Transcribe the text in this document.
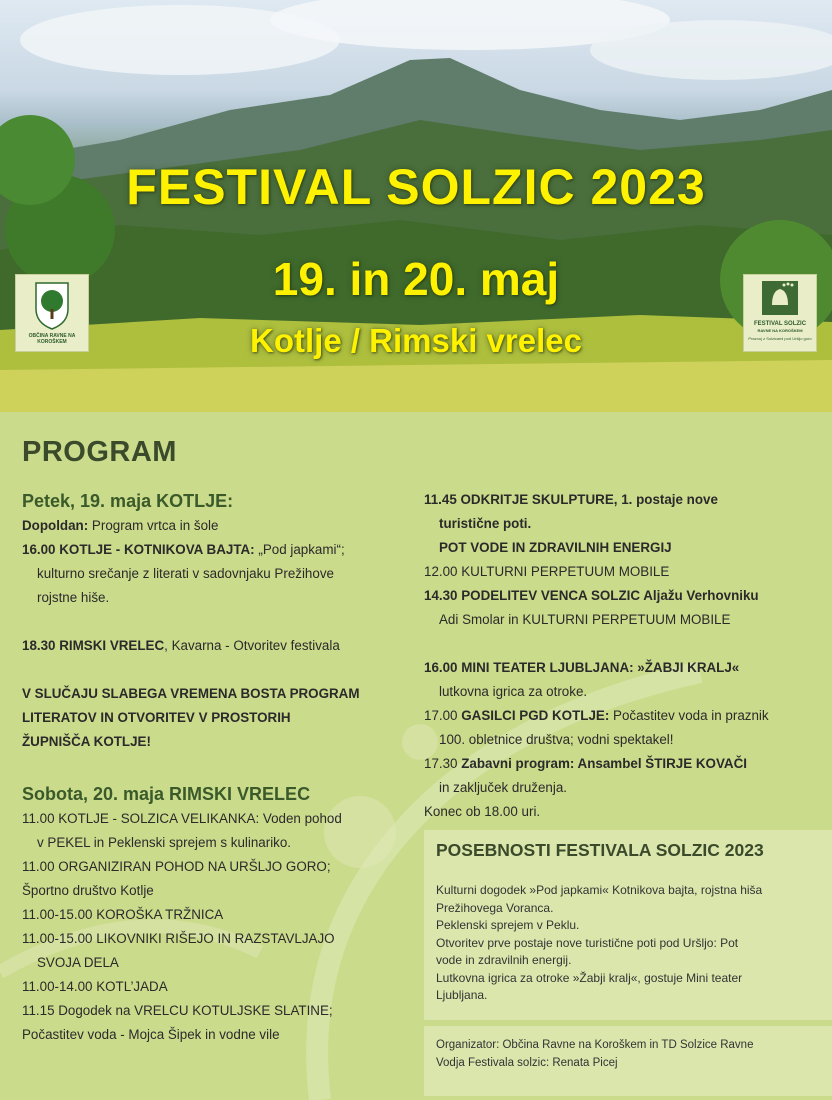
FESTIVAL SOLZIC 2023
19. in 20. maj
Kotlje / Rimski vrelec
OBČINA RAVNE NA KOROŠKEM
FESTIVAL SOLZIC
RAVNE NA KOROŠKEM
Praznuj z Solzicami pod Uršljo goro
PROGRAM
Petek, 19. maja KOTLJE:
Dopoldan: Program vrtca in šole
16.00 KOTLJE - KOTNIKOVA BAJTA: „Pod japkami“;
kulturno srečanje z literati v sadovnjaku Prežihove
rojstne hiše.
18.30 RIMSKI VRELEC, Kavarna - Otvoritev festivala
V SLUČAJU SLABEGA VREMENA BOSTA PROGRAM
LITERATOV IN OTVORITEV V PROSTORIH
ŽUPNIŠČA KOTLJE!
Sobota, 20. maja RIMSKI VRELEC
11.00 KOTLJE - SOLZICA VELIKANKA: Voden pohod
v PEKEL in Peklenski sprejem s kulinariko.
11.00 ORGANIZIRAN POHOD NA URŠLJO GORO;
Športno društvo Kotlje
11.00-15.00 KOROŠKA TRŽNICA
11.00-15.00 LIKOVNIKI RIŠEJO IN RAZSTAVLJAJO
SVOJA DELA
11.00-14.00 KOTL’JADA
11.15 Dogodek na VRELCU KOTULJSKE SLATINE;
Počastitev voda - Mojca Šipek in vodne vile
11.45 ODKRITJE SKULPTURE, 1. postaje nove
turistične poti.
POT VODE IN ZDRAVILNIH ENERGIJ
12.00 KULTURNI PERPETUUM MOBILE
14.30 PODELITEV VENCA SOLZIC Aljažu Verhovniku
Adi Smolar in KULTURNI PERPETUUM MOBILE
16.00 MINI TEATER LJUBLJANA: »ŽABJI KRALJ«
lutkovna igrica za otroke.
17.00 GASILCI PGD KOTLJE: Počastitev voda in praznik
100. obletnice društva; vodni spektakel!
17.30 Zabavni program: Ansambel ŠTIRJE KOVAČI
in zaključek druženja.
Konec ob 18.00 uri.
POSEBNOSTI FESTIVALA SOLZIC 2023
Kulturni dogodek »Pod japkami« Kotnikova bajta, rojstna hiša
Prežihovega Voranca.
Peklenski sprejem v Peklu.
Otvoritev prve postaje nove turistične poti pod Uršljo: Pot
vode in zdravilnih energij.
Lutkovna igrica za otroke »Žabji kralj«, gostuje Mini teater
Ljubljana.
Organizator: Občina Ravne na Koroškem in TD Solzice Ravne
Vodja Festivala solzic: Renata Picej
